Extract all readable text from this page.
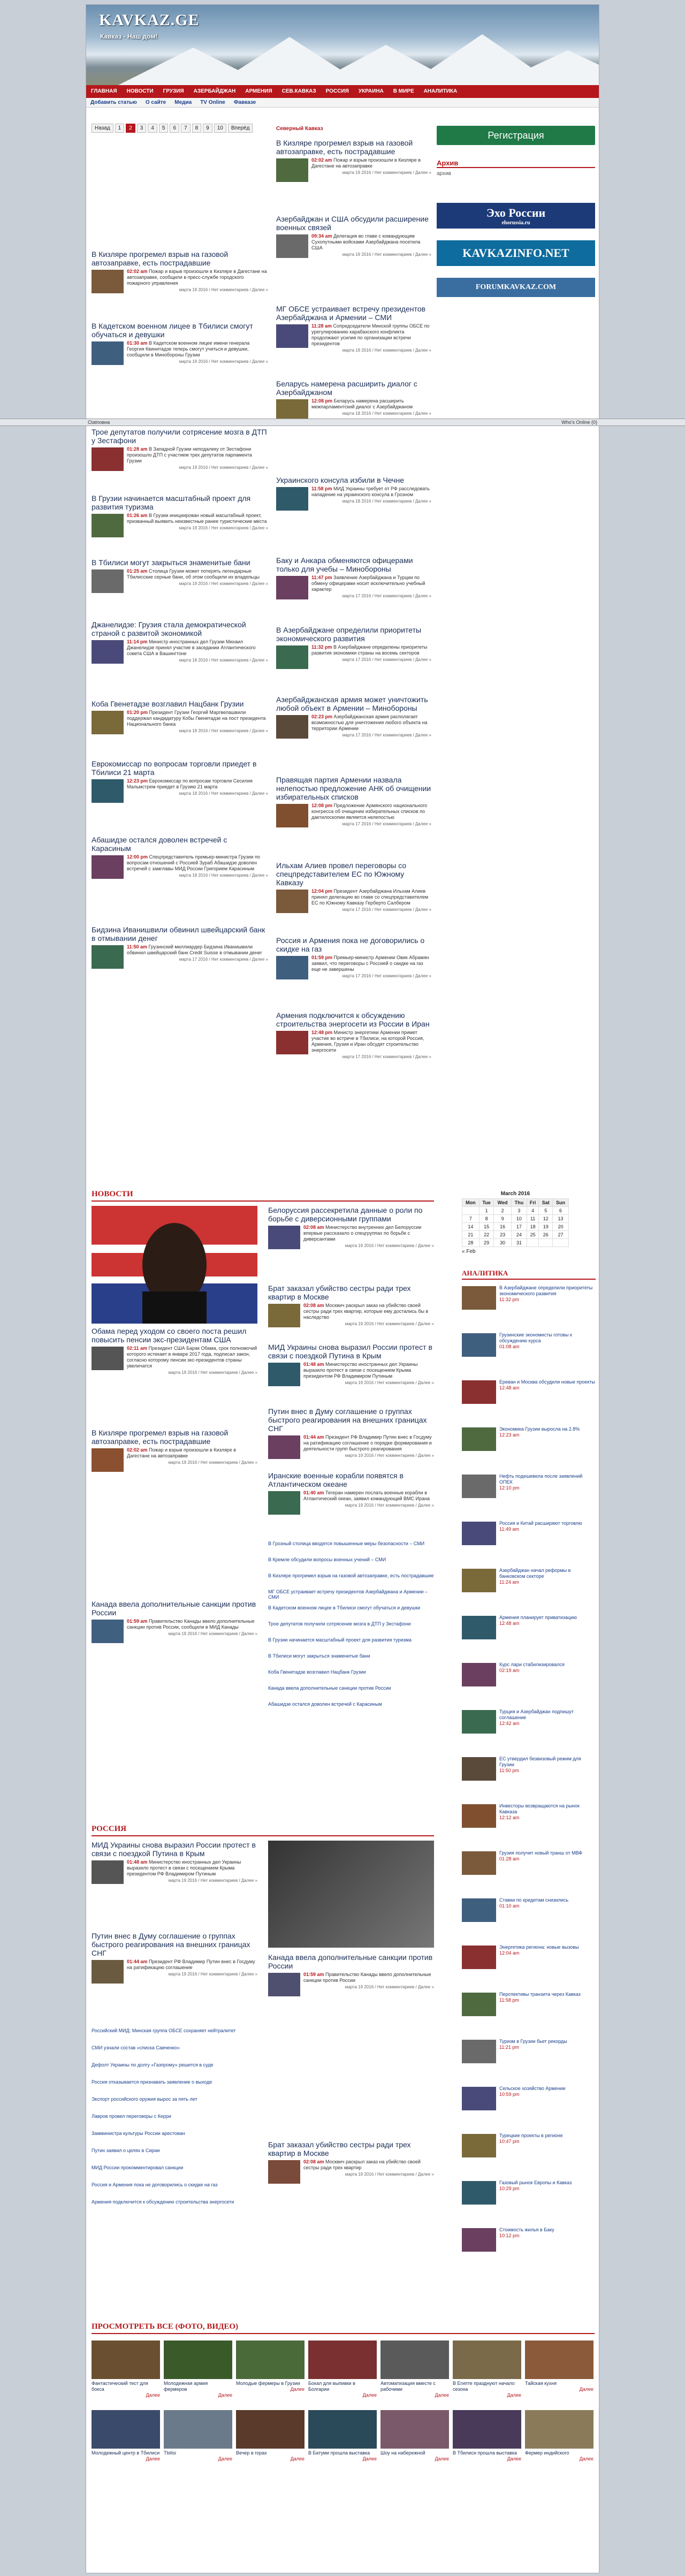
KAVKAZ.GE
Кавказ - Наш дом!
ГЛАВНАЯ	НОВОСТИ	ГРУЗИЯ	АЗЕРБАЙДЖАН	АРМЕНИЯ	СЕВ.КАВКАЗ	РОССИЯ	УКРАИНА	В МИРЕ	АНАЛИТИКА
Добавить статью	О сайте	Медиа	TV Online	Фавказе
Назад	1	2	3	4	5	6	7	8	9	10	Вперёд	Северный Кавказ
Регистрация
Архив
архив
Эхо России
ehorussia.ru
KAVKAZINFO.NET
FORUMKAVKAZ.COM
В Кизляре прогремел взрыв на газовой автозаправке, есть пострадавшие
02:02 am Пожар и взрыв произошли в Кизляре в Дагестане на автозаправке, сообщили в пресс-службе городского пожарного управления
марта 19 2016 / Нет комментариев / Далее »
В Кадетском военном лицее в Тбилиси смогут обучаться и девушки
01:30 am В Кадетском военном лицее имени генерала Георгия Квинитадзе теперь смогут учиться и девушки, сообщили в Минобороны Грузии
марта 19 2016 / Нет комментариев / Далее »
Трое депутатов получили сотрясение мозга в ДТП у Зестафони
01:28 am В Западной Грузии неподалеку от Зестафони произошло ДТП с участием трех депутатов парламента Грузии
марта 19 2016 / Нет комментариев / Далее »
В Грузии начинается масштабный проект для развития туризма
01:26 am В Грузии инициирован новый масштабный проект, призванный выявить неизвестные ранее туристические места
марта 19 2016 / Нет комментариев / Далее »
В Тбилиси могут закрыться знаменитые бани
01:25 am Столица Грузии может потерять легендарные Тбилисские серные бани, об этом сообщили их владельцы
марта 19 2016 / Нет комментариев / Далее »
Джанелидзе: Грузия стала демократической страной с развитой экономикой
11:14 pm Министр иностранных дел Грузии Михаил Джанелидзе принял участие в заседании Атлантического совета США в Вашингтоне
марта 18 2016 / Нет комментариев / Далее »
Коба Гвенетадзе возглавил Нацбанк Грузии
01:20 pm Президент Грузии Георгий Маргвелашвили поддержал кандидатуру Кобы Гвенетадзе на пост президента Национального банка
марта 18 2016 / Нет комментариев / Далее »
Еврокомиссар по вопросам торговли приедет в Тбилиси 21 марта
12:23 pm Еврокомиссар по вопросам торговли Сесилия Мальмстрем приедет в Грузию 21 марта
марта 18 2016 / Нет комментариев / Далее »
Абашидзе остался доволен встречей с Карасиным
12:00 pm Спецпредставитель премьер-министра Грузии по вопросам отношений с Россией Зураб Абашидзе доволен встречей с замглавы МИД России Григорием Карасиным
марта 18 2016 / Нет комментариев / Далее »
Бидзина Иванишвили обвинил швейцарский банк в отмывании денег
11:50 am Грузинский миллиардер Бидзина Иванишвили обвинил швейцарский банк Credit Suisse в отмывании денег
марта 17 2016 / Нет комментариев / Далее »
В Кизляре прогремел взрыв на газовой автозаправке, есть пострадавшие
02:02 am Пожар и взрыв произошли в Кизляре в Дагестане на автозаправке
марта 19 2016 / Нет комментариев / Далее »
Азербайджан и США обсудили расширение военных связей
09:34 am Делегация во главе с командующим Сухопутными войсками Азербайджана посетила США
марта 19 2016 / Нет комментариев / Далее »
МГ ОБСЕ устраивает встречу президентов Азербайджана и Армении – СМИ
11:28 am Сопредседатели Минской группы ОБСЕ по урегулированию карабахского конфликта продолжают усилия по организации встречи президентов
марта 19 2016 / Нет комментариев / Далее »
Беларусь намерена расширить диалог с Азербайджаном
12:08 pm Беларусь намерена расширить межпарламентский диалог с Азербайджаном
марта 18 2016 / Нет комментариев / Далее »
Украинского консула избили в Чечне
11:58 pm МИД Украины требует от РФ расследовать нападение на украинского консула в Грозном
марта 18 2016 / Нет комментариев / Далее »
Баку и Анкара обменяются офицерами только для учебы – Минобороны
11:47 pm Заявление Азербайджана и Турции по обмену офицерами носит исключительно учебный характер
марта 17 2016 / Нет комментариев / Далее »
В Азербайджане определили приоритеты экономического развития
11:32 pm В Азербайджане определены приоритеты развития экономики страны на восемь секторов
марта 17 2016 / Нет комментариев / Далее »
Азербайджанская армия может уничтожить любой объект в Армении – Минобороны
02:23 pm Азербайджанская армия располагает возможностью для уничтожения любого объекта на территории Армении
марта 17 2016 / Нет комментариев / Далее »
Правящая партия Армении назвала нелепостью предложение АНК об очищении избирательных списков
12:08 pm Предложение Армянского национального конгресса об очищении избирательных списков по дактилоскопии является нелепостью
марта 17 2016 / Нет комментариев / Далее »
Ильхам Алиев провел переговоры со спецпредставителем ЕС по Южному Кавказу
12:04 pm Президент Азербайджана Ильхам Алиев принял делегацию во главе со спецпредставителем ЕС по Южному Кавказу Герберто Салбером
марта 17 2016 / Нет комментариев / Далее »
Россия и Армения пока не договорились о скидке на газ
01:59 pm Премьер-министр Армении Овик Абрамян заявил, что переговоры с Россией о скидке на газ еще не завершены
марта 17 2016 / Нет комментариев / Далее »
Армения подключится к обсуждению строительства энергосети из России в Иран
12:48 pm Министр энергетики Армении примет участие во встрече в Тбилиси, на которой Россия, Армения, Грузия и Иран обсудят строительство энергосети
марта 17 2016 / Нет комментариев / Далее »
НОВОСТИ
Обама перед уходом со своего поста решил повысить пенсии экс-президентам США
02:11 am Президент США Барак Обама, срок полномочий которого истекает в январе 2017 года, подписал закон, согласно которому пенсии экс-президентов страны увеличатся
марта 19 2016 / Нет комментариев / Далее »
В Кизляре прогремел взрыв на газовой автозаправке, есть пострадавшие
02:02 am Пожар и взрыв произошли в Кизляре в Дагестане на автозаправке
марта 19 2016 / Нет комментариев / Далее »
Канада ввела дополнительные санкции против России
01:59 am Правительство Канады ввело дополнительные санкции против России, сообщили в МИД Канады
марта 19 2016 / Нет комментариев / Далее »
Белоруссия рассекретила данные о роли по борьбе с диверсионными группами
02:08 am Министерство внутренних дел Белоруссии впервые рассказало о спецгруппах по борьбе с диверсантами
марта 19 2016 / Нет комментариев / Далее »
Брат заказал убийство сестры ради трех квартир в Москве
02:08 am Москвич раскрыл заказ на убийство своей сестры ради трех квартир, которые ему достались бы в наследство
марта 19 2016 / Нет комментариев / Далее »
МИД Украины снова выразил России протест в связи с поездкой Путина в Крым
01:48 am Министерство иностранных дел Украины выразило протест в связи с посещением Крыма президентом РФ Владимиром Путиным
марта 19 2016 / Нет комментариев / Далее »
Путин внес в Думу соглашение о группах быстрого реагирования на внешних границах СНГ
01:44 am Президент РФ Владимир Путин внес в Госдуму на ратификацию соглашение о порядке формирования и деятельности групп быстрого реагирования
марта 19 2016 / Нет комментариев / Далее »
Иранские военные корабли появятся в Атлантическом океане
01:40 am Тегеран намерен послать военные корабли в Атлантический океан, заявил командующий ВМС Ирана
марта 19 2016 / Нет комментариев / Далее »
В Грозный столица вводятся повышенные меры безопасности – СМИ
В Кремле обсудили вопросы военных учений – СМИ
В Кизляре прогремел взрыв на газовой автозаправке, есть пострадавшие
МГ ОБСЕ устраивает встречу президентов Азербайджана и Армении – СМИ
В Кадетском военном лицее в Тбилиси смогут обучаться и девушки
Трое депутатов получили сотрясение мозга в ДТП у Зестафони
В Грузии начинается масштабный проект для развития туризма
В Тбилиси могут закрыться знаменитые бани
Коба Гвенетадзе возглавил Нацбанк Грузии
Канада ввела дополнительные санкции против России
Абашидзе остался доволен встречей с Карасиным
РОССИЯ
МИД Украины снова выразил России протест в связи с поездкой Путина в Крым
01:48 am Министерство иностранных дел Украины выразило протест в связи с посещением Крыма президентом РФ Владимиром Путиным
марта 19 2016 / Нет комментариев / Далее »
Путин внес в Думу соглашение о группах быстрого реагирования на внешних границах СНГ
01:44 am Президент РФ Владимир Путин внес в Госдуму на ратификацию соглашение
марта 19 2016 / Нет комментариев / Далее »
Канада ввела дополнительные санкции против России
01:59 am Правительство Канады ввело дополнительные санкции против России
марта 19 2016 / Нет комментариев / Далее »
Брат заказал убийство сестры ради трех квартир в Москве
02:08 am Москвич раскрыл заказ на убийство своей сестры ради трех квартир
марта 19 2016 / Нет комментариев / Далее »
Российский МИД: Минская группа ОБСЕ сохраняет нейтралитет
СМИ узнали состав «списка Савченко»
Дефолт Украины по долгу «Газпрому» решится в суде
Россия отказывается признавать заявление о выходе
Экспорт российского оружия вырос за пять лет
Лавров провел переговоры с Керри
Замминистра культуры России арестован
Путин заявил о целях в Сирии
МИД России прокомментировал санкции
Россия и Армения пока не договорились о скидке на газ
Армения подключится к обсуждению строительства энергосети
March 2016
Mon	Tue	Wed	Thu	Fri	Sat	Sun
	1	2	3	4	5	6
7	8	9	10	11	12	13
14	15	16	17	18	19	20
21	22	23	24	25	26	27
28	29	30	31			
« Feb
АНАЛИТИКА
В Азербайджане определили приоритеты экономического развития
11:32 pm
Грузинские экономисты готовы к обсуждению курса
01:08 am
Ереван и Москва обсудили новые проекты
12:48 am
Экономика Грузии выросла на 2.8%
12:23 am
Нефть подешевела после заявлений ОПЕК
12:10 pm
Россия и Китай расширяют торговлю
11:49 am
Азербайджан начал реформы в банковском секторе
11:24 am
Армения планирует приватизацию
12:48 am
Курс лари стабилизировался
02:19 am
Турция и Азербайджан подпишут соглашение
12:42 am
ЕС утвердил безвизовый режим для Грузии
11:50 pm
Инвесторы возвращаются на рынок Кавказа
12:12 am
Грузия получит новый транш от МВФ
01:28 am
Ставки по кредитам снизились
01:10 am
Энергетика региона: новые вызовы
12:04 am
Перспективы транзита через Кавказ
11:58 pm
Туризм в Грузии бьет рекорды
11:21 pm
Сельское хозяйство Армении
10:59 pm
Турецкие проекты в регионе
10:47 pm
Газовый рынок Европы и Кавказ
10:29 pm
Стоимость жилья в Баку
10:12 pm
ПРОСМОТРЕТЬ ВСЕ (ФОТО, ВИДЕО)
Фантастический тест для бокса
Далее
Молодежная армия фермеров
Далее
Молодые фермеры в Грузии
Далее
Бокал для выпивки в Болгарии
Далее
Автоматизация вместе с рабочими
Далее
В Египте празднуют начало сезона
Далее
Тайская кухня
Далее
Молодежный центр в Тбилиси
Далее
Tbilisi
Далее
Вечер в горах
Далее
В Батуми прошла выставка
Далее
Шоу на набережной
Далее
В Тбилиси прошла выставка
Далее
Фермер индийского
Далее
Ctatnoвна	Who's Online (0)
